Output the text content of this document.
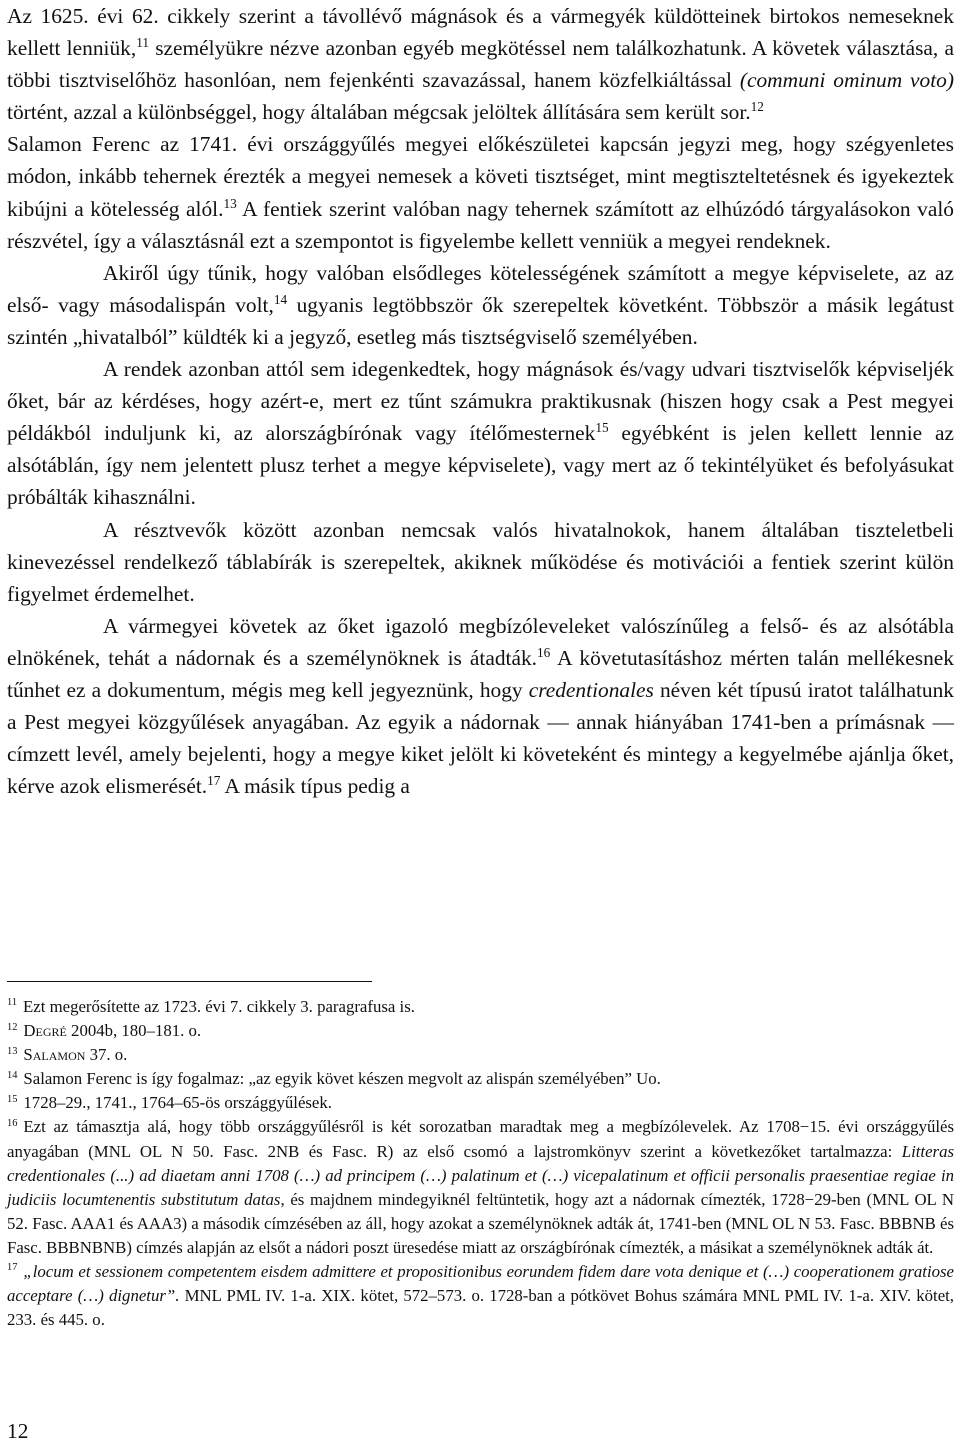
Az 1625. évi 62. cikkely szerint a távollévő mágnások és a vármegyék küldötteinek birtokos nemeseknek kellett lenniük,$^{11}$ személyükre nézve azonban egyéb megkötéssel nem találkozhatunk. A követek választása, a többi tisztviselőhöz hasonlóan, nem fejenkénti szavazással, hanem közfelkiáltással (communi ominum voto) történt, azzal a különbséggel, hogy általában mégcsak jelöltek állítására sem került sor.$^{12}$

Salamon Ferenc az 1741. évi országgyűlés megyei előkészületei kapcsán jegyzi meg, hogy szégyenletes módon, inkább tehernek érezték a megyei nemesek a követi tisztséget, mint megtiszteltetésnek és igyekeztek kibújni a kötelesség alól.$^{13}$ A fentiek szerint valóban nagy tehernek számított az elhúzódó tárgyalásokon való részvétel, így a választásnál ezt a szempontot is figyelembe kellett venniük a megyei rendeknek.

Akiről úgy tűnik, hogy valóban elsődleges kötelességének számított a megye képviselete, az az első- vagy másodalispán volt,$^{14}$ ugyanis legtöbbször ők szerepeltek követként. Többször a másik legátust szintén „hivatalból” küldték ki a jegyző, esetleg más tisztségviselő személyében.

A rendek azonban attól sem idegenkedtek, hogy mágnások és/vagy udvari tisztviselők képviseljék őket, bár az kérdéses, hogy azért-e, mert ez tűnt számukra praktikusnak (hiszen hogy csak a Pest megyei példákból induljunk ki, az alországbírónak vagy ítélőmesternek$^{15}$ egyébként is jelen kellett lennie az alsótáblán, így nem jelentett plusz terhet a megye képviselete), vagy mert az ő tekintélyüket és befolyásukat próbálták kihasználni.

A résztvevők között azonban nemcsak valós hivatalnokok, hanem általában tiszteletbeli kinevezéssel rendelkező táblabírák is szerepeltek, akiknek működése és motivációi a fentiek szerint külön figyelmet érdemelhet.

A vármegyei követek az őket igazoló megbízóleveleket valószínűleg a felső- és az alsótábla elnökének, tehát a nádornak és a személynöknek is átadták.$^{16}$ A követutasításhoz mérten talán mellékesnek tűnhet ez a dokumentum, mégis meg kell jegyeznünk, hogy credentionales néven két típusú iratot találhatunk a Pest megyei közgyűlések anyagában. Az egyik a nádornak — annak hiányában 1741-ben a prímásnak — címzett levél, amely bejelenti, hogy a megye kiket jelölt ki követeként és mintegy a kegyelmébe ajánlja őket, kérve azok elismerését.$^{17}$ A másik típus pedig a

$^{11}$ Ezt megerősítette az 1723. évi 7. cikkely 3. paragrafusa is.

$^{12}$ Degré 2004b, 180–181. o.

$^{13}$ Salamon 37. o.

$^{14}$ Salamon Ferenc is így fogalmaz: „az egyik követ készen megvolt az alispán személyében” Uo.

$^{15}$ 1728–29., 1741., 1764–65-ös országgyűlések.

$^{16}$ Ezt az támasztja alá, hogy több országgyűlésről is két sorozatban maradtak meg a megbízólevelek. Az 1708−15. évi országgyűlés anyagában (MNL OL N 50. Fasc. 2NB és Fasc. R) az első csomó a lajstromkönyv szerint a következőket tartalmazza: Litteras credentionales (...) ad diaetam anni 1708 (…) ad principem (…) palatinum et (…) vicepalatinum et officii personalis praesentiae regiae in judiciis locumtenentis substitutum datas, és majdnem mindegyiknél feltüntetik, hogy azt a nádornak címezték, 1728−29-ben (MNL OL N 52. Fasc. AAA1 és AAA3) a második címzésében az áll, hogy azokat a személynöknek adták át, 1741-ben (MNL OL N 53. Fasc. BBBNB és Fasc. BBBNBNB) címzés alapján az elsőt a nádori poszt üresedése miatt az országbírónak címezték, a másikat a személynöknek adták át.

$^{17}$ „locum et sessionem competentem eisdem admittere et propositionibus eorundem fidem dare vota denique et (…) cooperationem gratiose acceptare (…) dignetur”. MNL PML IV. 1-a. XIX. kötet, 572–573. o. 1728-ban a pótkövet Bohus számára MNL PML IV. 1-a. XIV. kötet, 233. és 445. o.

12
